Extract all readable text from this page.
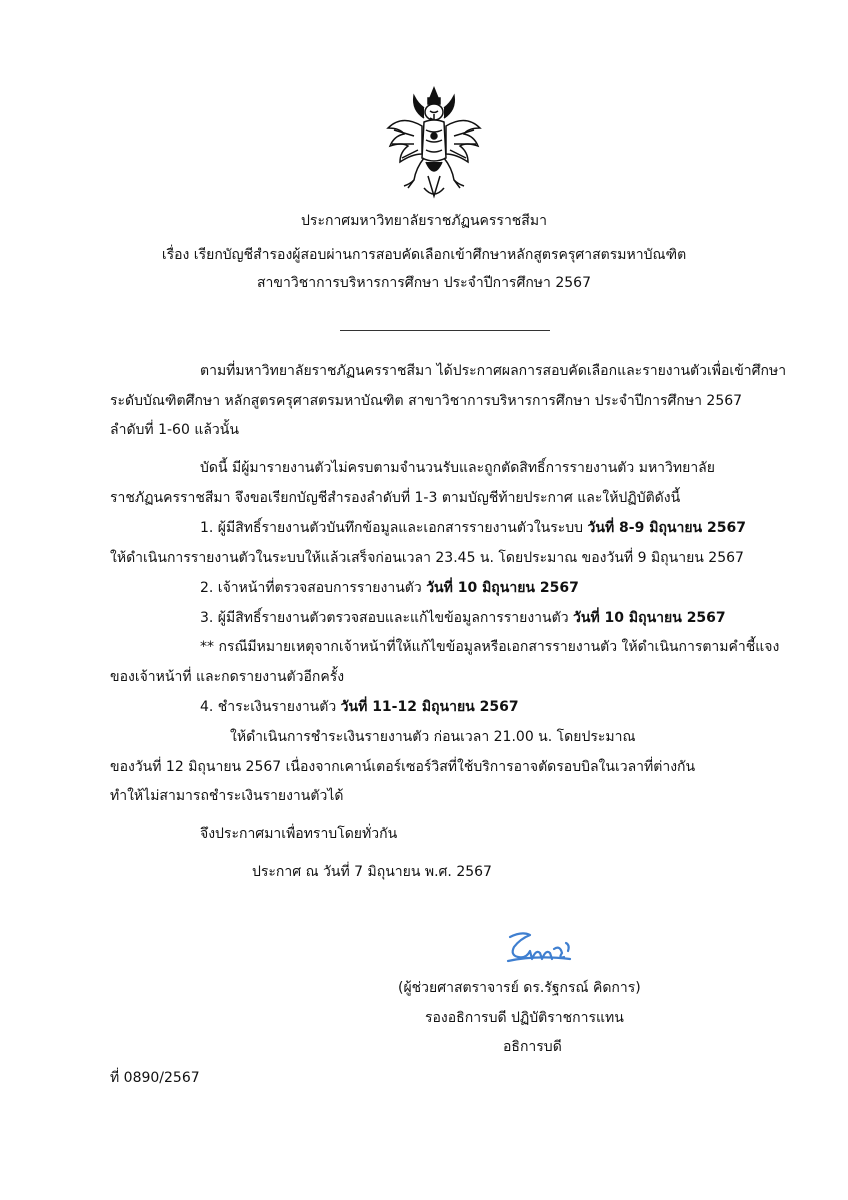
ประกาศมหาวิทยาลัยราชภัฏนครราชสีมา
เรื่อง เรียกบัญชีสำรองผู้สอบผ่านการสอบคัดเลือกเข้าศึกษาหลักสูตรครุศาสตรมหาบัณฑิต
สาขาวิชาการบริหารการศึกษา ประจำปีการศึกษา 2567
ตามที่มหาวิทยาลัยราชภัฏนครราชสีมา ได้ประกาศผลการสอบคัดเลือกและรายงานตัวเพื่อเข้าศึกษา
ระดับบัณฑิตศึกษา หลักสูตรครุศาสตรมหาบัณฑิต สาขาวิชาการบริหารการศึกษา ประจำปีการศึกษา 2567
ลำดับที่ 1-60 แล้วนั้น
บัดนี้ มีผู้มารายงานตัวไม่ครบตามจำนวนรับและถูกตัดสิทธิ์การรายงานตัว มหาวิทยาลัย
ราชภัฏนครราชสีมา จึงขอเรียกบัญชีสำรองลำดับที่ 1-3 ตามบัญชีท้ายประกาศ และให้ปฏิบัติดังนี้
1. ผู้มีสิทธิ์รายงานตัวบันทึกข้อมูลและเอกสารรายงานตัวในระบบ วันที่ 8-9 มิถุนายน 2567
ให้ดำเนินการรายงานตัวในระบบให้แล้วเสร็จก่อนเวลา 23.45 น. โดยประมาณ ของวันที่ 9 มิถุนายน 2567
2. เจ้าหน้าที่ตรวจสอบการรายงานตัว วันที่ 10 มิถุนายน 2567
3. ผู้มีสิทธิ์รายงานตัวตรวจสอบและแก้ไขข้อมูลการรายงานตัว วันที่ 10 มิถุนายน 2567
** กรณีมีหมายเหตุจากเจ้าหน้าที่ให้แก้ไขข้อมูลหรือเอกสารรายงานตัว ให้ดำเนินการตามคำชี้แจง
ของเจ้าหน้าที่ และกดรายงานตัวอีกครั้ง
4. ชำระเงินรายงานตัว วันที่ 11-12 มิถุนายน 2567
ให้ดำเนินการชำระเงินรายงานตัว ก่อนเวลา 21.00 น. โดยประมาณ
ของวันที่ 12 มิถุนายน 2567 เนื่องจากเคาน์เตอร์เซอร์วิสที่ใช้บริการอาจตัดรอบบิลในเวลาที่ต่างกัน
ทำให้ไม่สามารถชำระเงินรายงานตัวได้
จึงประกาศมาเพื่อทราบโดยทั่วกัน
ประกาศ ณ วันที่ 7 มิถุนายน พ.ศ. 2567
(ผู้ช่วยศาสตราจารย์ ดร.รัฐกรณ์ คิดการ)
รองอธิการบดี ปฏิบัติราชการแทน
อธิการบดี
ที่ 0890/2567
